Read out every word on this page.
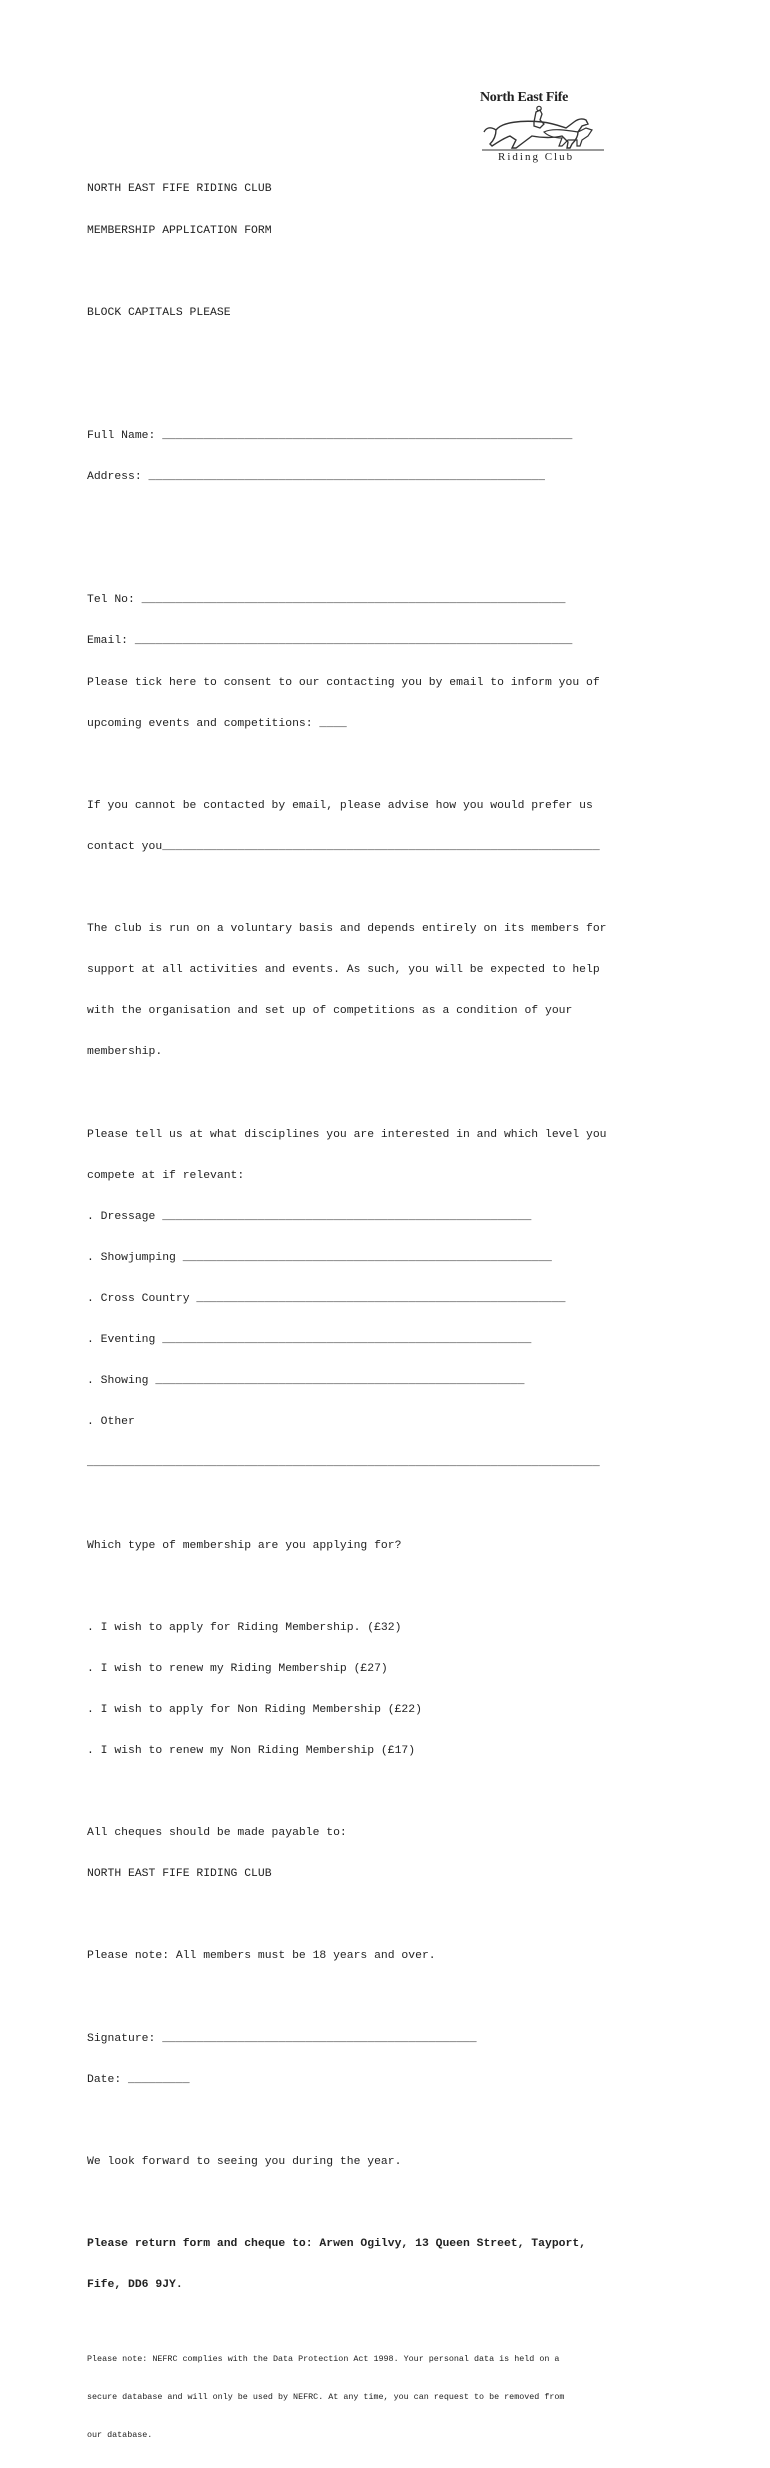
North East Fife
Riding Club

NORTH EAST FIFE RIDING CLUB

MEMBERSHIP APPLICATION FORM

BLOCK CAPITALS PLEASE

Full Name: ____________________________________________________________

Address: __________________________________________________________

Tel No: ______________________________________________________________

Email: ________________________________________________________________

Please tick here to consent to our contacting you by email to inform you of

upcoming events and competitions: ____

If you cannot be contacted by email, please advise how you would prefer us

contact you________________________________________________________________

The club is run on a voluntary basis and depends entirely on its members for

support at all activities and events. As such, you will be expected to help

with the organisation and set up of competitions as a condition of your

membership.

Please tell us at what disciplines you are interested in and which level you

compete at if relevant:

. Dressage ______________________________________________________

. Showjumping ______________________________________________________

. Cross Country ______________________________________________________

. Eventing ______________________________________________________

. Showing ______________________________________________________

. Other

___________________________________________________________________________

Which type of membership are you applying for?

. I wish to apply for Riding Membership. (£32)

. I wish to renew my Riding Membership (£27)

. I wish to apply for Non Riding Membership (£22)

. I wish to renew my Non Riding Membership (£17)

All cheques should be made payable to:

NORTH EAST FIFE RIDING CLUB

Please note: All members must be 18 years and over.

Signature: ______________________________________________

Date: _________

We look forward to seeing you during the year.

Please return form and cheque to: Arwen Ogilvy, 13 Queen Street, Tayport,

Fife, DD6 9JY.

Please note: NEFRC complies with the Data Protection Act 1998. Your personal data is held on a

secure database and will only be used by NEFRC. At any time, you can request to be removed from

our database.
